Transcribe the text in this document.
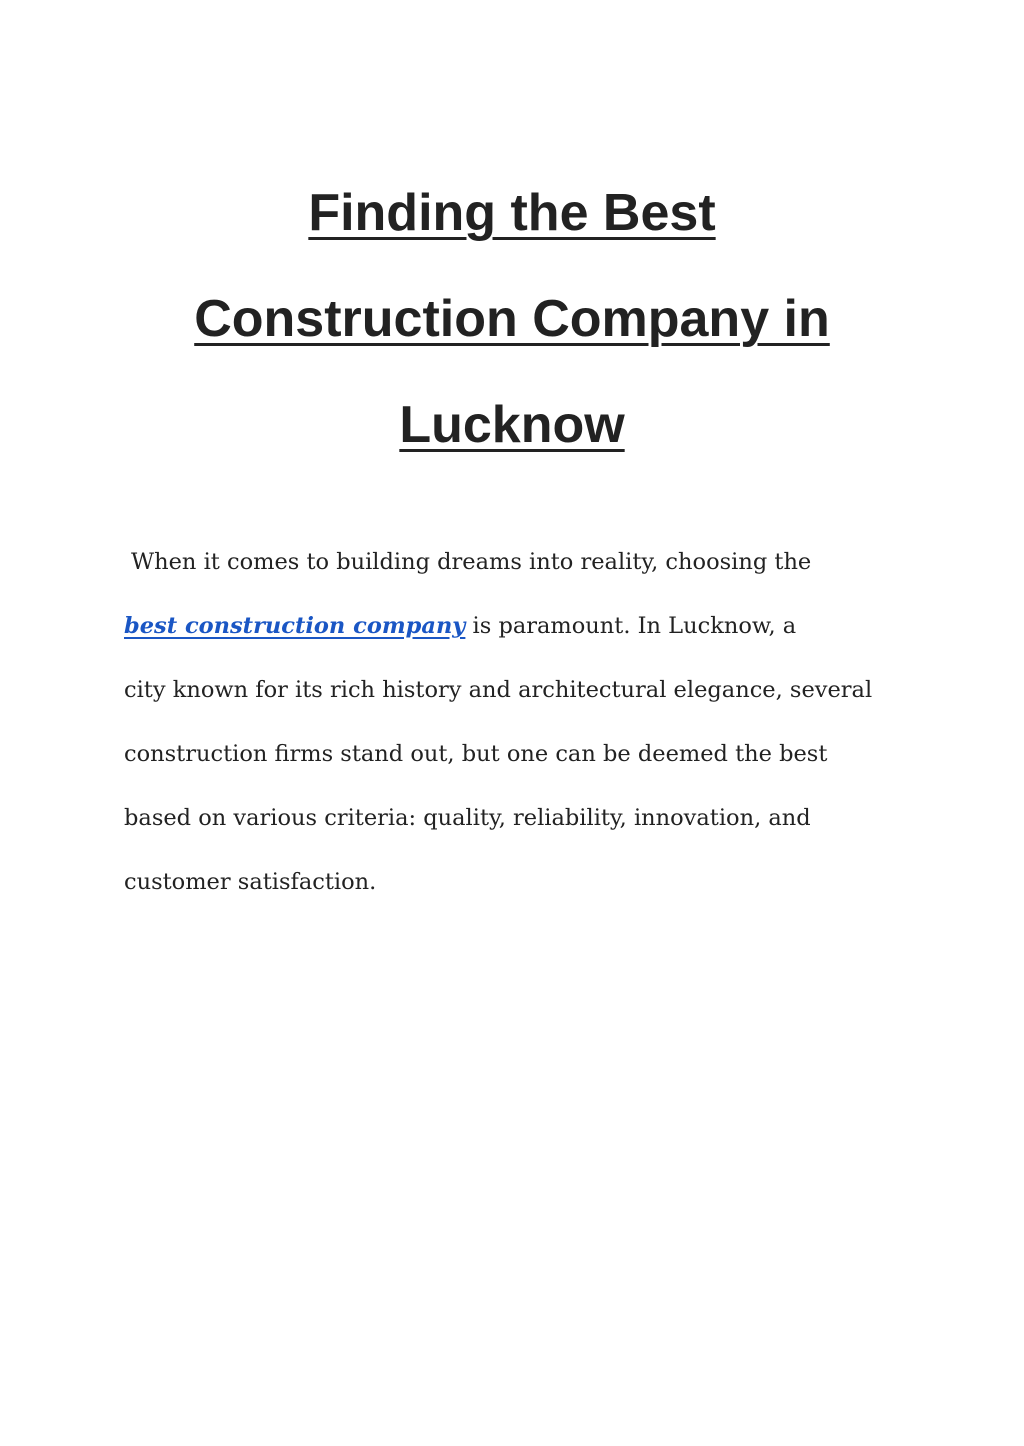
Finding the Best
Construction Company in
Lucknow

When it comes to building dreams into reality, choosing the
best construction company is paramount. In Lucknow, a
city known for its rich history and architectural elegance, several
construction firms stand out, but one can be deemed the best
based on various criteria: quality, reliability, innovation, and
customer satisfaction.
